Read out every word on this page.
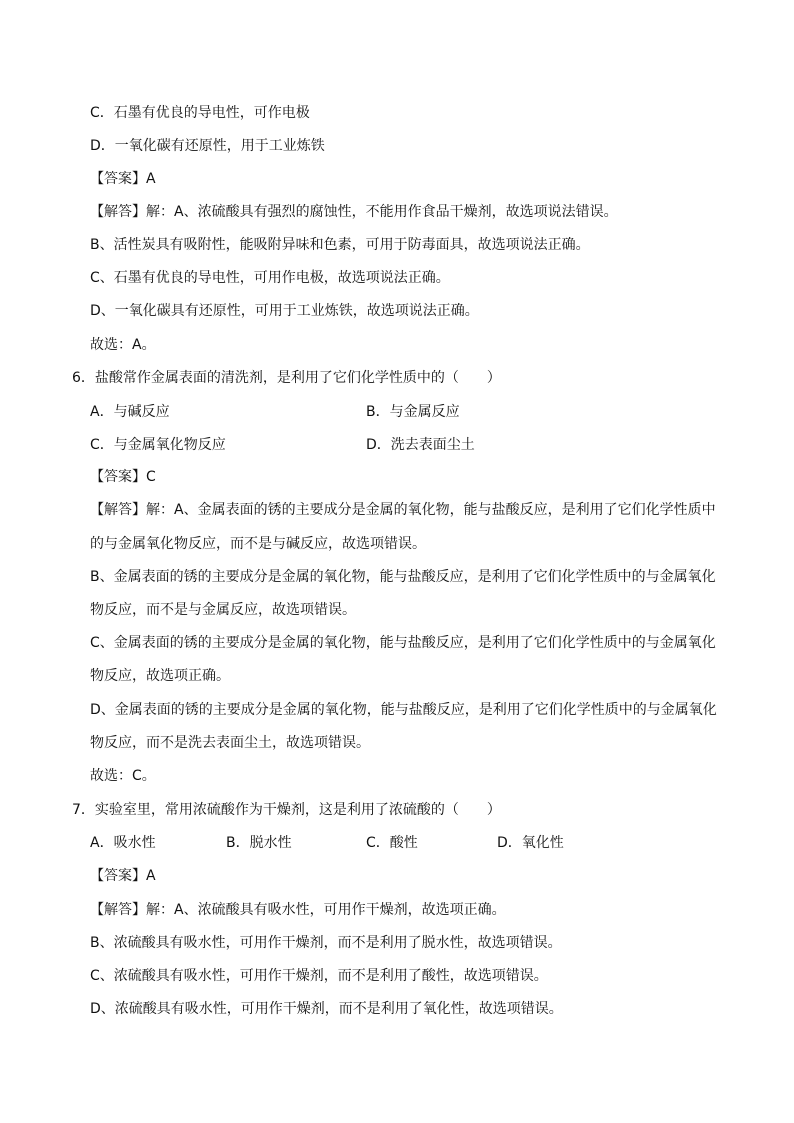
C．石墨有优良的导电性，可作电极
D．一氧化碳有还原性，用于工业炼铁
【答案】A
【解答】解：A、浓硫酸具有强烈的腐蚀性，不能用作食品干燥剂，故选项说法错误。
B、活性炭具有吸附性，能吸附异味和色素，可用于防毒面具，故选项说法正确。
C、石墨有优良的导电性，可用作电极，故选项说法正确。
D、一氧化碳具有还原性，可用于工业炼铁，故选项说法正确。
故选：A。
6．盐酸常作金属表面的清洗剂，是利用了它们化学性质中的（　　）
A．与碱反应	B．与金属反应
C．与金属氧化物反应	D．洗去表面尘土
【答案】C
【解答】解：A、金属表面的锈的主要成分是金属的氧化物，能与盐酸反应，是利用了它们化学性质中
的与金属氧化物反应，而不是与碱反应，故选项错误。
B、金属表面的锈的主要成分是金属的氧化物，能与盐酸反应，是利用了它们化学性质中的与金属氧化
物反应，而不是与金属反应，故选项错误。
C、金属表面的锈的主要成分是金属的氧化物，能与盐酸反应，是利用了它们化学性质中的与金属氧化
物反应，故选项正确。
D、金属表面的锈的主要成分是金属的氧化物，能与盐酸反应，是利用了它们化学性质中的与金属氧化
物反应，而不是洗去表面尘土，故选项错误。
故选：C。
7．实验室里，常用浓硫酸作为干燥剂，这是利用了浓硫酸的（　　）
A．吸水性	B．脱水性	C．酸性	D．氧化性
【答案】A
【解答】解：A、浓硫酸具有吸水性，可用作干燥剂，故选项正确。
B、浓硫酸具有吸水性，可用作干燥剂，而不是利用了脱水性，故选项错误。
C、浓硫酸具有吸水性，可用作干燥剂，而不是利用了酸性，故选项错误。
D、浓硫酸具有吸水性，可用作干燥剂，而不是利用了氧化性，故选项错误。
